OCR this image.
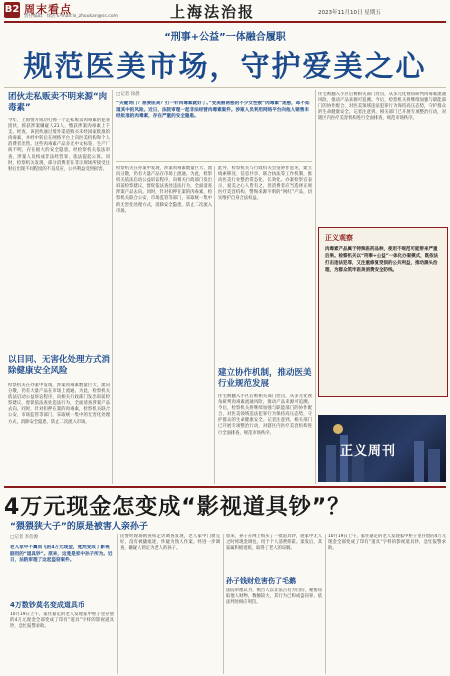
B2 周末看点
责任编辑：徐浩 E-mail:lx_zhoukan@ss.com	上海法治报	2023年11月10日 星期五
“刑事+公益”一体融合履职
规范医美市场，守护爱美之心
□记者 徐晨
“关键词门？想要医美？打一针肉毒素就好了。”受美丽诱惑的不少女性被“肉毒素”迷惑，却不知道其中的风险。近日，法院审理一起非法经营肉毒素案件。涉案人员利用网络平台向他人销售未经批准的肉毒素，存在严重的安全隐患。
团伙走私贩卖不明来源“肉毒素”
今年，上海警方成功打掉一个走私贩卖肉毒素的犯罪团伙，抓获涉案嫌疑人21人，缴获涉案肉毒素上千支。经查，该团伙通过境外渠道购买未经国家批准的肉毒素，并经中转后在网络平台上向医美机构和个人消费者出售。这些肉毒素产品多无中文标签、生产厂商不明，存在极大的安全隐患。经检察机关依法审查，涉案人员构成非法经营罪，依法提起公诉。同时，检察机关发现，部分消费者在非正规场所接受注射后出现不同程度的不良反应，公共利益受到损害。
以目同、无害化处理方式消除健康安全风险
检察机关在办案中发现，涉案肉毒素数量巨大、流向分散，仍有大量产品在市场上流通。为此，检察机关依法启动公益诉讼程序，向相关行政部门发出诉前检察建议，督促依法查处违法行为，全面清查涉案产品去向。同时，针对扣押在案的肉毒素，检察机关联合公安、市场监管等部门，采取统一集中的无害化处理方式，消除安全隐患，防止二次流入市场。
检察机关在办案中发现，涉案肉毒素数量巨大、流向分散，仍有大量产品在市场上流通。为此，检察机关依法启动公益诉讼程序，向相关行政部门发出诉前检察建议，督促依法查处违法行为，全面清查涉案产品去向。同时，针对扣押在案的肉毒素，检察机关联合公安、市场监管等部门，采取统一集中的无害化处理方式，消除安全隐患，防止二次流入市场。
此外，检察机关与行政机关会签协作意见，建立线索移送、信息共享、联合执法等工作机制，推动医美行业整治常态化、长效化。办案检察官表示，爱美之心人皆有之，但消费者应当选择正规医疗美容机构，警惕来源不明的“网红”产品，切实维护自身合法权益。
建立协作机制，推动医美行业规范发展
住宅被翻入小区后被相关部门处罚，从多元化视角研判肉毒素流通风险，推动产品来源可追溯。今后，检察机关将继续加强与职能部门的协作配合，对医美领域违法犯罪行为保持高压态势，守护群众的生命健康安全。记者注意到，相关部门已开展专项整治行动，对辖区内医疗美容机构进行全面排查，规范市场秩序。
住宅被翻入小区后被相关部门处罚，从多元化视角研判肉毒素流通风险，推动产品来源可追溯。今后，检察机关将继续加强与职能部门的协作配合，对医美领域违法犯罪行为保持高压态势，守护群众的生命健康安全。记者注意到，相关部门已开展专项整治行动，对辖区内医疗美容机构进行全面排查，规范市场秩序。
正义观察
肉毒素产品属于特殊医药品种，使用不规范可能带来严重后果。检察机关以“刑事+公益”一体化办案模式，既依法打击违法犯罪，又注重修复受损的公共利益，推动源头治理，为群众筑牢医美消费安全防线。
正义周刊
4万元现金怎变成“影视道具钞”？
“猥猥狭大子”的原是被害人亲孙子
□记者 李浩源
老人家中不翼而飞的4万元现金，竟然变成了影视剧用的“道具钞”。原来，这竟是家中孙子所为。近日，法院审理了这起盗窃案件。
4万数钞莫名变成道具币
10月19日上午，家住嘉定的老人发现家中柜子里存放的4万元现金全部变成了印有“道具”字样的影视道具钞，急忙报警求助。
民警经现场勘查和走访调查发现，老人家中门窗完好，没有被撬痕迹，怀疑为熟人作案。经进一步调查，嫌疑人锁定为老人的孙子。
原来，孙子在网上购买了一批道具钞，趁家中无人之时将现金调包，用于个人消费挥霍。案发后，其家属积极退赔，取得了老人的谅解。
孙子钱财危害伤了毛鹅
法院审理认为，被告人以非法占有为目的，秘密窃取他人财物，数额较大，其行为已构成盗窃罪，依法判处相应刑罚。
10月19日上午，家住嘉定的老人发现家中柜子里存放的4万元现金全部变成了印有“道具”字样的影视道具钞，急忙报警求助。
